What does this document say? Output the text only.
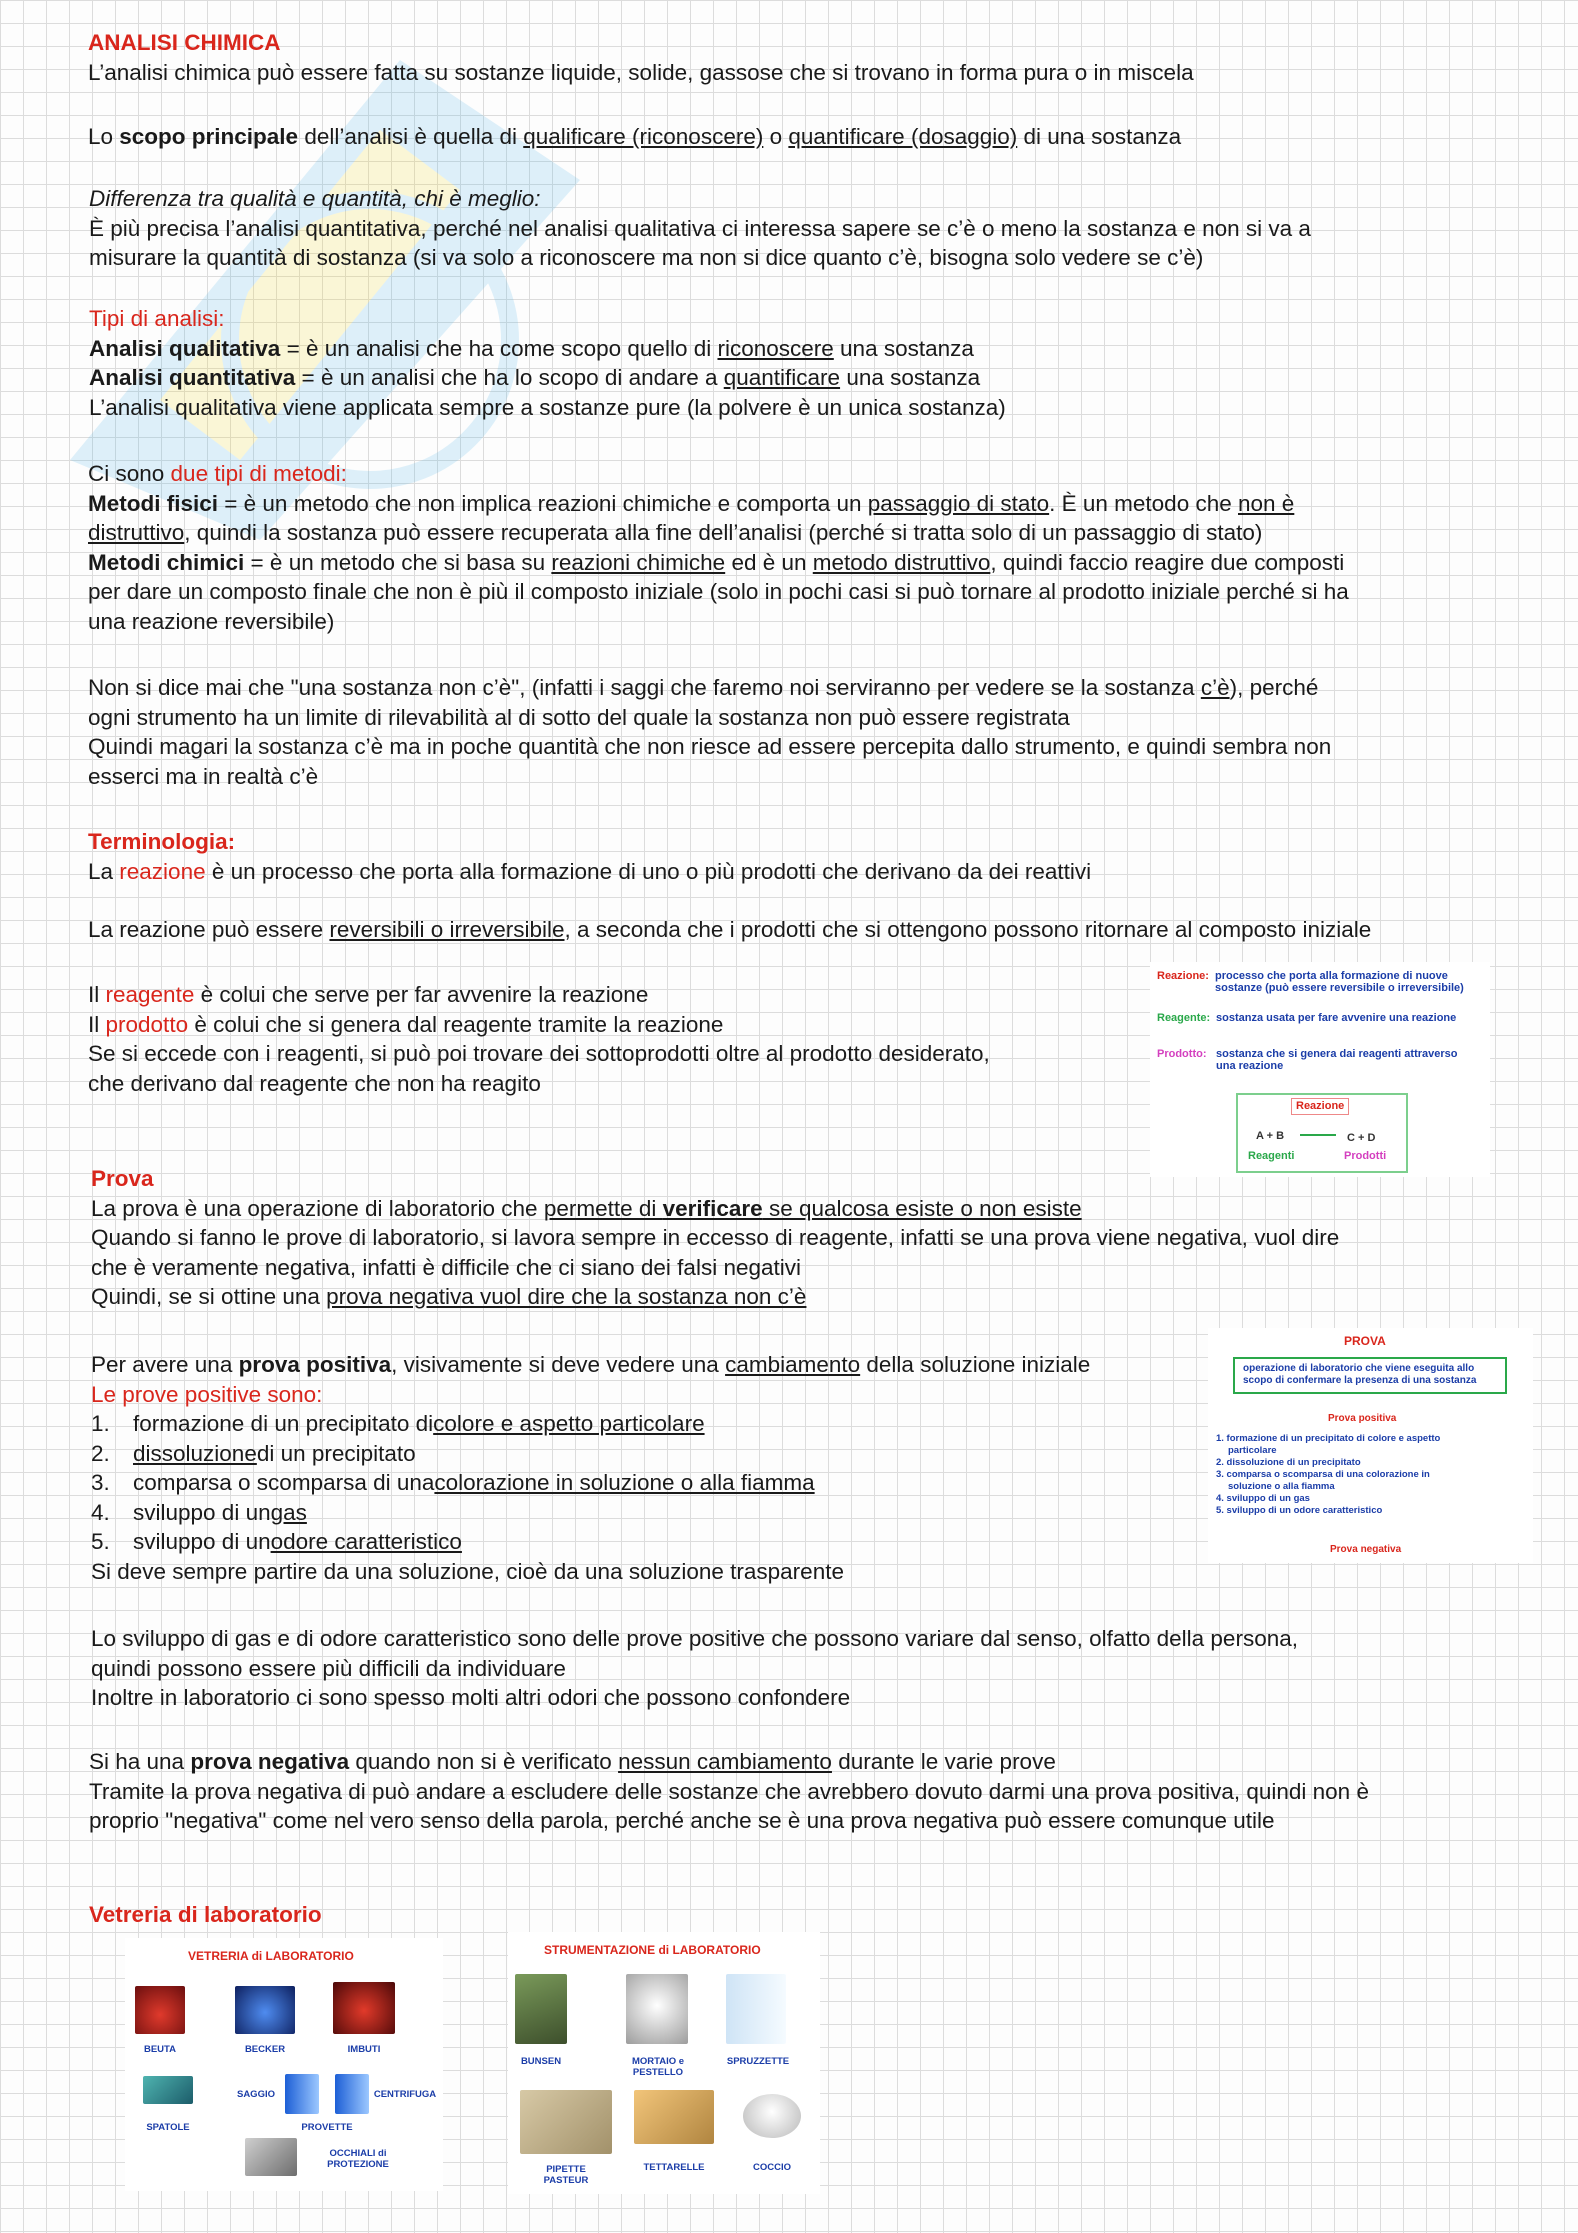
ANALISI CHIMICA
L’analisi chimica può essere fatta su sostanze liquide, solide, gassose che si trovano in forma pura o in miscela
Lo scopo principale dell’analisi è quella di qualificare (riconoscere) o quantificare (dosaggio) di una sostanza
Differenza tra qualità e quantità, chi è meglio:
È più precisa l’analisi quantitativa, perché nel analisi qualitativa ci interessa sapere se c’è o meno la sostanza e non si va a
misurare la quantità di sostanza (si va solo a riconoscere ma non si dice quanto c’è, bisogna solo vedere se c’è)
Tipi di analisi:
Analisi qualitativa = è un analisi che ha come scopo quello di riconoscere una sostanza
Analisi quantitativa = è un analisi che ha lo scopo di andare a quantificare una sostanza
L’analisi qualitativa viene applicata sempre a sostanze pure (la polvere è un unica sostanza)
Ci sono due tipi di metodi:
Metodi fisici = è un metodo che non implica reazioni chimiche e comporta un passaggio di stato. È un metodo che non è
distruttivo, quindi la sostanza può essere recuperata alla fine dell’analisi (perché si tratta solo di un passaggio di stato)
Metodi chimici = è un metodo che si basa su reazioni chimiche ed è un metodo distruttivo, quindi faccio reagire due composti
per dare un composto finale che non è più il composto iniziale (solo in pochi casi si può tornare al prodotto iniziale perché si ha
una reazione reversibile)
Non si dice mai che "una sostanza non c’è", (infatti i saggi che faremo noi serviranno per vedere se la sostanza c’è), perché
ogni strumento ha un limite di rilevabilità al di sotto del quale la sostanza non può essere registrata
Quindi magari la sostanza c’è ma in poche quantità che non riesce ad essere percepita dallo strumento, e quindi sembra non
esserci ma in realtà c’è
Terminologia:
La reazione è un processo che porta alla formazione di uno o più prodotti che derivano da dei reattivi
La reazione può essere reversibili o irreversibile, a seconda che i prodotti che si ottengono possono ritornare al composto iniziale
Il reagente è colui che serve per far avvenire la reazione
Il prodotto è colui che si genera dal reagente tramite la reazione
Se si eccede con i reagenti, si può poi trovare dei sottoprodotti oltre al prodotto desiderato,
che derivano dal reagente che non ha reagito
Reazione: processo che porta alla formazione di nuove
sostanze (può essere reversibile o irreversibile)
Reagente: sostanza usata per fare avvenire una reazione
Prodotto: sostanza che si genera dai reagenti attraverso
una reazione
Reazione
A + B	C + D
Reagenti	Prodotti
Prova
La prova è una operazione di laboratorio che permette di verificare se qualcosa esiste o non esiste
Quando si fanno le prove di laboratorio, si lavora sempre in eccesso di reagente, infatti se una prova viene negativa, vuol dire
che è veramente negativa, infatti è difficile che ci siano dei falsi negativi
Quindi, se si ottine una prova negativa vuol dire che la sostanza non c’è
Per avere una prova positiva, visivamente si deve vedere una cambiamento della soluzione iniziale
Le prove positive sono:
1.	formazione di un precipitato di colore e aspetto particolare
2.	dissoluzione di un precipitato
3.	comparsa o scomparsa di una colorazione in soluzione o alla fiamma
4.	sviluppo di un gas
5.	sviluppo di un odore caratteristico
Si deve sempre partire da una soluzione, cioè da una soluzione trasparente
PROVA
operazione di laboratorio che viene eseguita allo
scopo di confermare la presenza di una sostanza
Prova positiva
1. formazione di un precipitato di colore e aspetto
particolare
2. dissoluzione di un precipitato
3. comparsa o scomparsa di una colorazione in
soluzione o alla fiamma
4. sviluppo di un gas
5. sviluppo di un odore caratteristico
Prova negativa
Lo sviluppo di gas e di odore caratteristico sono delle prove positive che possono variare dal senso, olfatto della persona,
quindi possono essere più difficili da individuare
Inoltre in laboratorio ci sono spesso molti altri odori che possono confondere
Si ha una prova negativa quando non si è verificato nessun cambiamento durante le varie prove
Tramite la prova negativa di può andare a escludere delle sostanze che avrebbero dovuto darmi una prova positiva, quindi non è
proprio "negativa" come nel vero senso della parola, perché anche se è una prova negativa può essere comunque utile
Vetreria di laboratorio
VETRERIA di LABORATORIO
BEUTA	BECKER	IMBUTI
SPATOLE
SAGGIO	CENTRIFUGA
PROVETTE
OCCHIALI di
PROTEZIONE
STRUMENTAZIONE di LABORATORIO
BUNSEN	MORTAIO e
PESTELLO
SPRUZZETTE
PIPETTE
PASTEUR
TETTARELLE	COCCIO
